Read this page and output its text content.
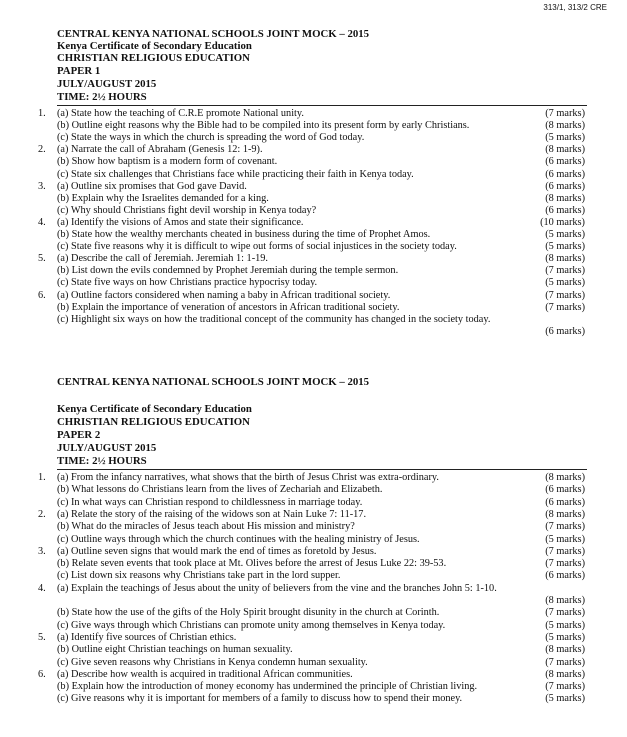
313/1, 313/2 CRE
CENTRAL KENYA NATIONAL SCHOOLS JOINT MOCK – 2015
Kenya Certificate of Secondary Education
CHRISTIAN RELIGIOUS EDUCATION
PAPER 1
JULY/AUGUST 2015
TIME: 2½ HOURS
1. (a) State how the teaching of C.R.E promote National unity.	(7 marks)
(b) Outline eight reasons why the Bible had to be compiled into its present form by early Christians.	(8 marks)
(c) State the ways in which the church is spreading the word of God today.	(5 marks)
2. (a) Narrate the call of Abraham (Genesis 12: 1-9).	(8 marks)
(b) Show how baptism is a modern form of covenant.	(6 marks)
(c) State six challenges that Christians face while practicing their faith in Kenya today.	(6 marks)
3. (a) Outline six promises that God gave David.	(6 marks)
(b) Explain why the Israelites demanded for a king.	(8 marks)
(c) Why should Christians fight devil worship in Kenya today?	(6 marks)
4. (a) Identify the visions of Amos and state their significance.	(10 marks)
(b) State how the wealthy merchants cheated in business during the time of Prophet Amos.	(5 marks)
(c) State five reasons why it is difficult to wipe out forms of social injustices in the society today.	(5 marks)
5. (a) Describe the call of Jeremiah. Jeremiah 1: 1-19.	(8 marks)
(b) List down the evils condemned by Prophet Jeremiah during the temple sermon.	(7 marks)
(c) State five ways on how Christians practice hypocrisy today.	(5 marks)
6. (a) Outline factors considered when naming a baby in African traditional society.	(7 marks)
(b) Explain the importance of veneration of ancestors in African traditional society.	(7 marks)
(c) Highlight six ways on how the traditional concept of the community has changed in the society today.
(6 marks)
CENTRAL KENYA NATIONAL SCHOOLS JOINT MOCK – 2015
Kenya Certificate of Secondary Education
CHRISTIAN RELIGIOUS EDUCATION
PAPER 2
JULY/AUGUST 2015
TIME: 2½ HOURS
1. (a) From the infancy narratives, what shows that the birth of Jesus Christ was extra-ordinary.	(8 marks)
(b) What lessons do Christians learn from the lives of Zechariah and Elizabeth.	(6 marks)
(c) In what ways can Christian respond to childlessness in marriage today.	(6 marks)
2. (a) Relate the story of the raising of the widows son at Nain Luke 7: 11-17.	(8 marks)
(b) What do the miracles of Jesus teach about His mission and ministry?	(7 marks)
(c) Outline ways through which the church continues with the healing ministry of Jesus.	(5 marks)
3. (a) Outline seven signs that would mark the end of times as foretold by Jesus.	(7 marks)
(b) Relate seven events that took place at Mt. Olives before the arrest of Jesus Luke 22: 39-53.	(7 marks)
(c) List down six reasons why Christians take part in the lord supper.	(6 marks)
4. (a) Explain the teachings of Jesus about the unity of believers from the vine and the branches John 5: 1-10.
(8 marks)
(b) State how the use of the gifts of the Holy Spirit brought disunity in the church at Corinth.	(7 marks)
(c) Give ways through which Christians can promote unity among themselves in Kenya today.	(5 marks)
5. (a) Identify five sources of Christian ethics.	(5 marks)
(b) Outline eight Christian teachings on human sexuality.	(8 marks)
(c) Give seven reasons why Christians in Kenya condemn human sexuality.	(7 marks)
6. (a) Describe how wealth is acquired in traditional African communities.	(8 marks)
(b) Explain how the introduction of money economy has undermined the principle of Christian living.	(7 marks)
(c) Give reasons why it is important for members of a family to discuss how to spend their money.	(5 marks)
